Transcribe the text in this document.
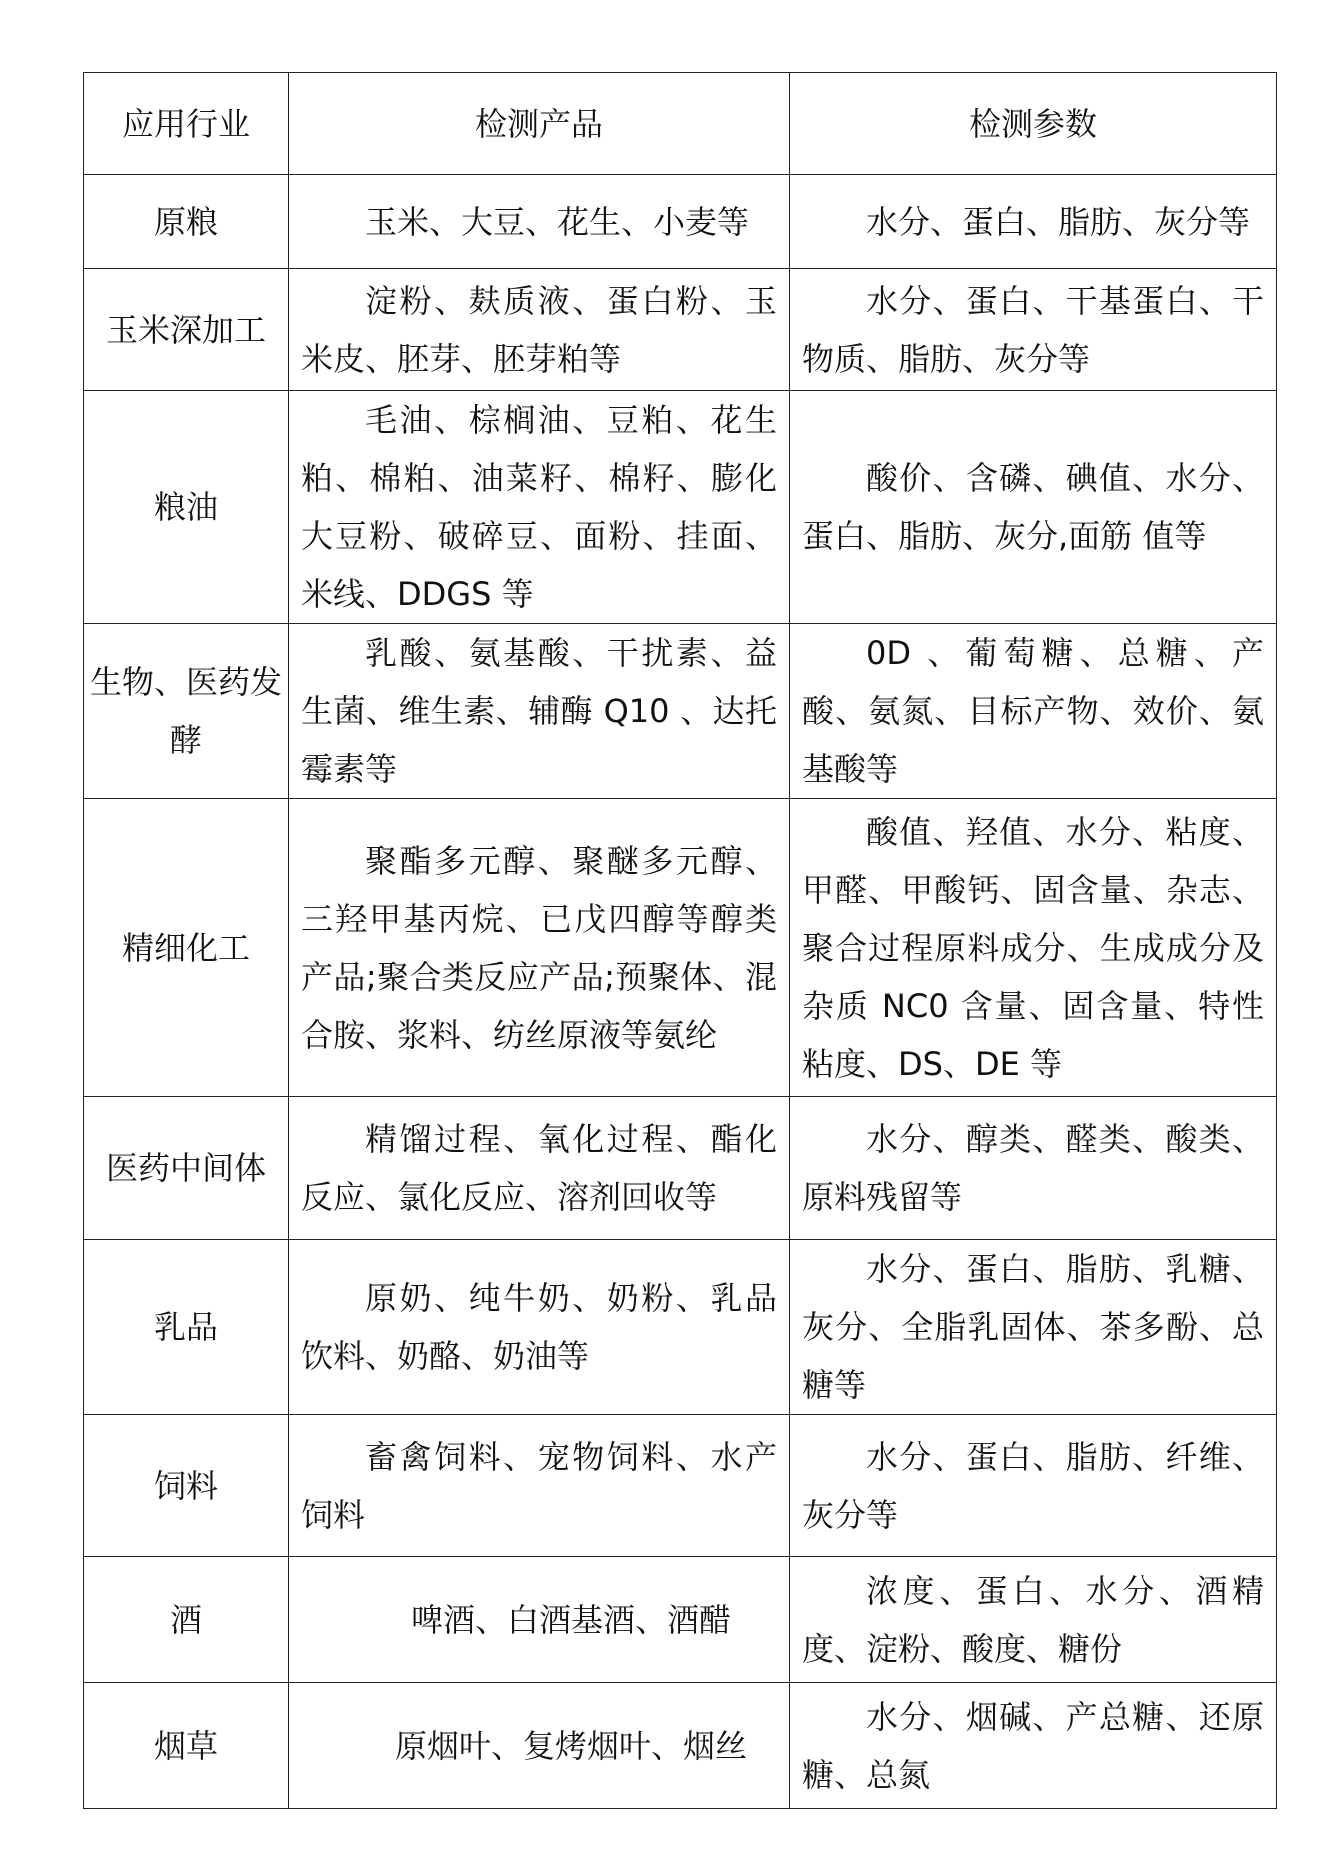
应用行业	检测产品	检测参数
原粮	玉米、大豆、花生、小麦等	水分、蛋白、脂肪、灰分等
玉米深加工	淀粉、麸质液、蛋白粉、玉米皮、胚芽、胚芽粕等	水分、蛋白、干基蛋白、干物质、脂肪、灰分等
粮油	毛油、棕榈油、豆粕、花生粕、棉粕、油菜籽、棉籽、膨化大豆粉、破碎豆、面粉、挂面、米线、DDGS 等	酸价、含磷、碘值、水分、蛋白、脂肪、灰分,面筋 值等
生物、医药发酵	乳酸、氨基酸、干扰素、益生菌、维生素、辅酶 Q10 、达托霉素等	0D 、葡萄糖、总糖、产酸、氨氮、目标产物、效价、氨基酸等
精细化工	聚酯多元醇、聚醚多元醇、三羟甲基丙烷、已戊四醇等醇类产品;聚合类反应产品;预聚体、混合胺、浆料、纺丝原液等氨纶	酸值、羟值、水分、粘度、甲醛、甲酸钙、固含量、杂志、聚合过程原料成分、生成成分及杂质 NC0 含量、固含量、特性粘度、DS、DE 等
医药中间体	精馏过程、氧化过程、酯化反应、氯化反应、溶剂回收等	水分、醇类、醛类、酸类、原料残留等
乳品	原奶、纯牛奶、奶粉、乳品饮料、奶酪、奶油等	水分、蛋白、脂肪、乳糖、灰分、全脂乳固体、茶多酚、总糖等
饲料	畜禽饲料、宠物饲料、水产饲料	水分、蛋白、脂肪、纤维、灰分等
酒	啤酒、白酒基酒、酒醋	浓度、蛋白、水分、酒精度、淀粉、酸度、糖份
烟草	原烟叶、复烤烟叶、烟丝	水分、烟碱、产总糖、还原糖、总氮
